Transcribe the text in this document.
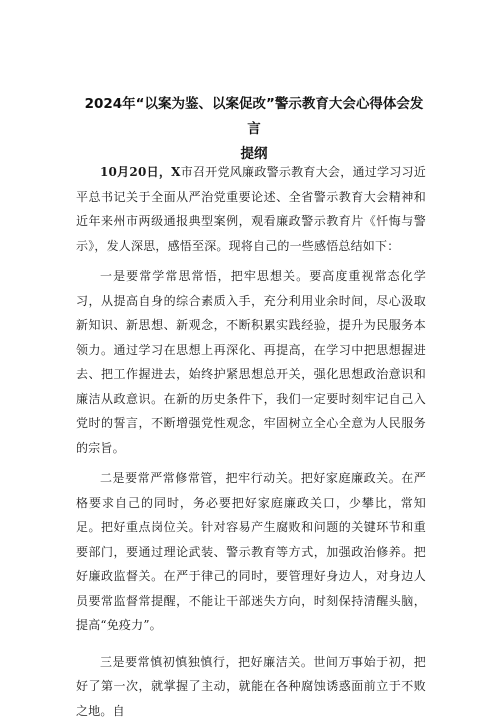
2024年“以案为鉴、以案促改”警示教育大会心得体会发言
提纲

10月20日，X市召开党风廉政警示教育大会，通过学习习近平总书记关于全面从严治党重要论述、全省警示教育大会精神和近年来州市两级通报典型案例，观看廉政警示教育片《忏悔与警示》，发人深思，感悟至深。现将自己的一些感悟总结如下：

一是要常学常思常悟，把牢思想关。要高度重视常态化学习，从提高自身的综合素质入手，充分利用业余时间，尽心汲取新知识、新思想、新观念，不断积累实践经验，提升为民服务本领力。通过学习在思想上再深化、再提高，在学习中把思想握进去、把工作握进去，始终护紧思想总开关，强化思想政治意识和廉洁从政意识。在新的历史条件下，我们一定要时刻牢记自己入党时的誓言，不断增强党性观念，牢固树立全心全意为人民服务的宗旨。

二是要常严常修常管，把牢行动关。把好家庭廉政关。在严格要求自己的同时，务必要把好家庭廉政关口，少攀比，常知足。把好重点岗位关。针对容易产生腐败和问题的关键环节和重要部门，要通过理论武装、警示教育等方式，加强政治修养。把好廉政监督关。在严于律己的同时，要管理好身边人，对身边人员要常监督常提醒，不能让干部迷失方向，时刻保持清醒头脑，提高“免疫力”。

三是要常慎初慎独慎行，把好廉洁关。世间万事始于初，把好了第一次，就掌握了主动，就能在各种腐蚀诱惑面前立于不败之地。自
